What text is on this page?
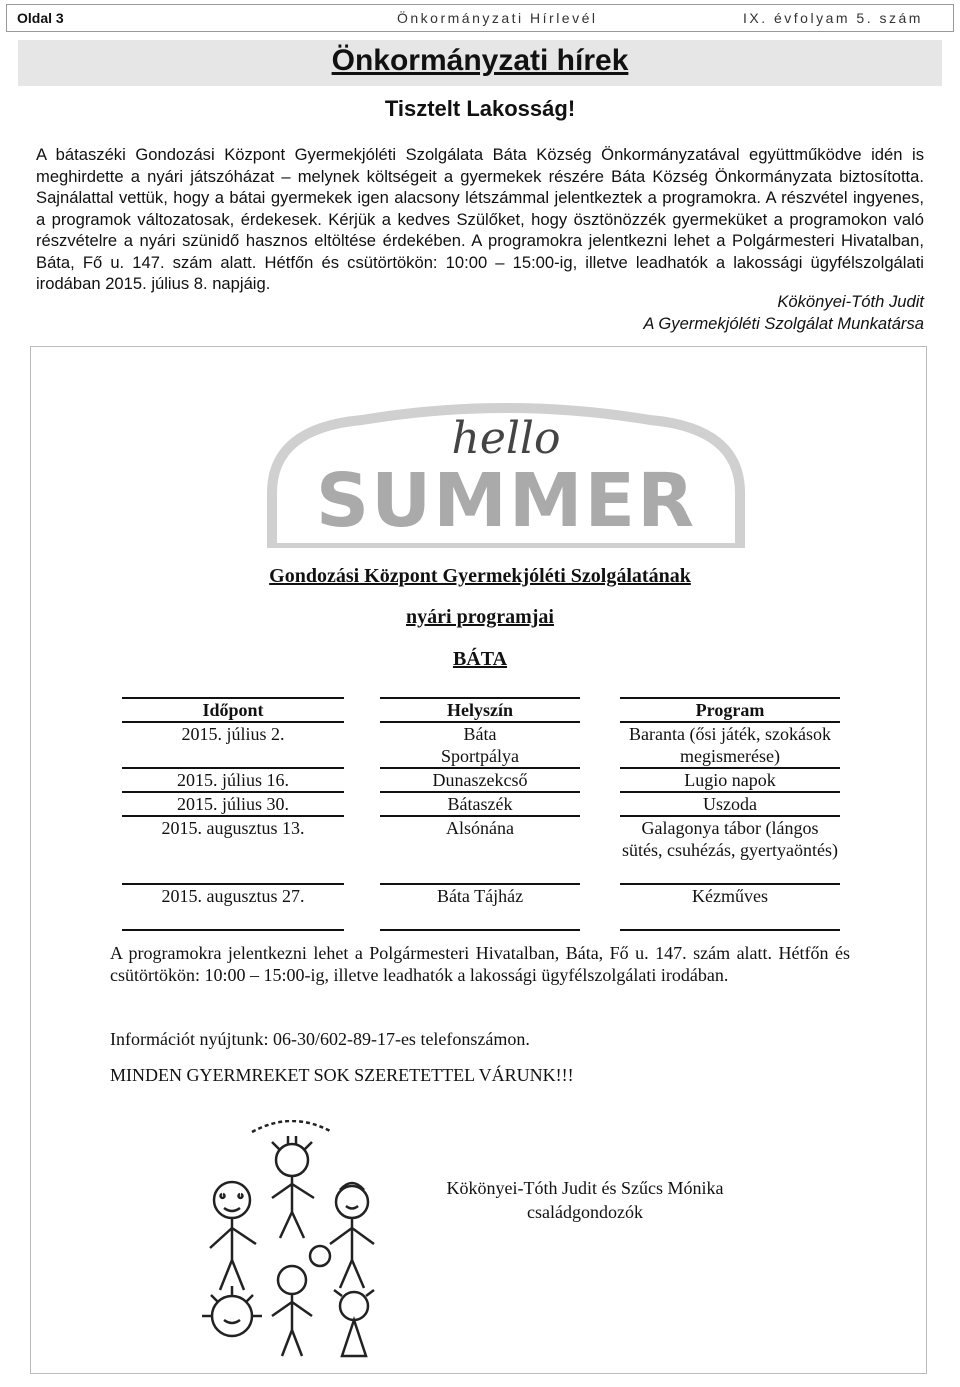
Oldal 3	Önkormányzati Hírlevél	IX. évfolyam 5. szám
Önkormányzati hírek
Tisztelt Lakosság!
A bátaszéki Gondozási Központ Gyermekjóléti Szolgálata Báta Község Önkormányzatával együttműködve idén is meghirdette a nyári játszóházat – melynek költségeit a gyermekek részére Báta Község Önkormányzata biztosította. Sajnálattal vettük, hogy a bátai gyermekek igen alacsony létszámmal jelentkeztek a programokra. A részvétel ingyenes, a programok változatosak, érdekesek. Kérjük a kedves Szülőket, hogy ösztönözzék gyermeküket a programokon való részvételre a nyári szünidő hasznos eltöltése érdekében. A programokra jelentkezni lehet a Polgármesteri Hivatalban, Báta, Fő u. 147. szám alatt. Hétfőn és csütörtökön: 10:00 – 15:00-ig, illetve leadhatók a lakossági ügyfélszolgálati irodában 2015. július 8. napjáig.
Kökönyei-Tóth Judit
A Gyermekjóléti Szolgálat Munkatársa
hello
SUMMER
Gondozási Központ Gyermekjóléti Szolgálatának
nyári programjai
BÁTA
Időpont		Helyszín		Program
2015. július 2.		Báta Sportpálya		Baranta (ősi játék, szokások megismerése)
2015. július 16.		Dunaszekcső		Lugio napok
2015. július 30.		Bátaszék		Uszoda
2015. augusztus 13.		Alsónána		Galagonya tábor (lángos sütés, csuhézás, gyertyaöntés)
2015. augusztus 27.		Báta Tájház		Kézműves
A programokra jelentkezni lehet a Polgármesteri Hivatalban, Báta, Fő u. 147. szám alatt. Hétfőn és csütörtökön: 10:00 – 15:00-ig, illetve leadhatók a lakossági ügyfélszolgálati irodában.
Információt nyújtunk: 06-30/602-89-17-es telefonszámon.
MINDEN GYERMREKET SOK SZERETETTEL VÁRUNK!!!
Kökönyei-Tóth Judit és Szűcs Mónika
családgondozók
